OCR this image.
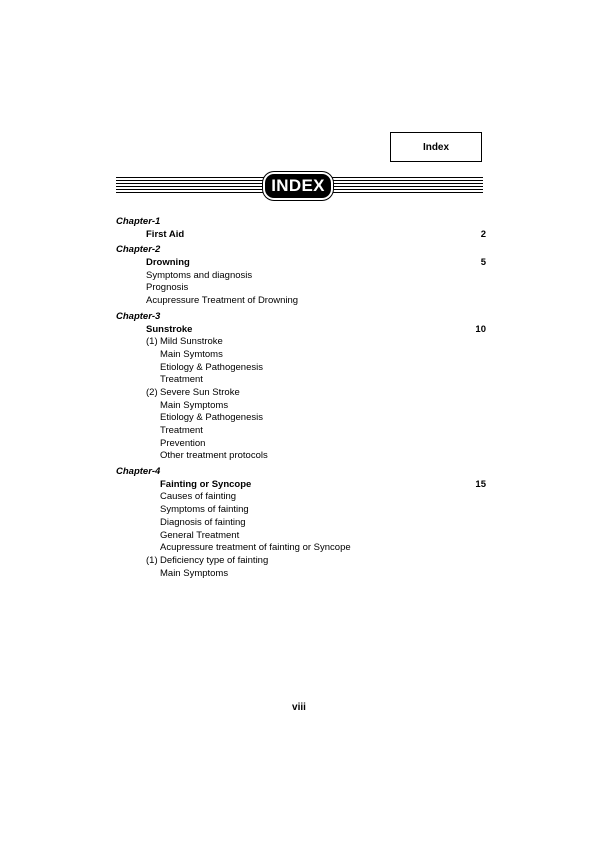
Index
INDEX
Chapter-1
First Aid	2
Chapter-2
Drowning	5
Symptoms and diagnosis
Prognosis
Acupressure Treatment of Drowning
Chapter-3
Sunstroke	10
(1) Mild Sunstroke
Main Symtoms
Etiology & Pathogenesis
Treatment
(2) Severe Sun Stroke
Main Symptoms
Etiology & Pathogenesis
Treatment
Prevention
Other treatment protocols
Chapter-4
Fainting or Syncope	15
Causes of fainting
Symptoms of fainting
Diagnosis of fainting
General Treatment
Acupressure treatment of fainting or Syncope
(1) Deficiency type of fainting
Main Symptoms
viii
